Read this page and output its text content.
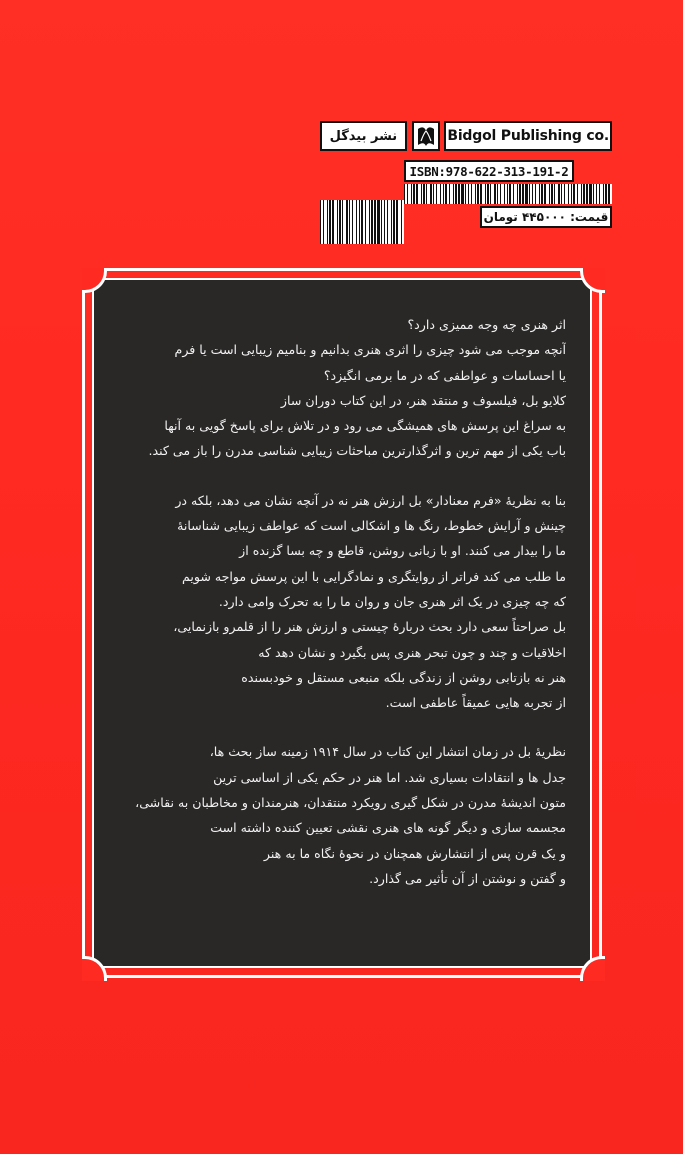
نشر بیدگل	Bidgol Publishing co.
ISBN:978-622-313-191-2
قیمت: ۴۴۵۰۰۰ تومان
اثر هنری چه وجه ممیزی دارد؟
آنچه موجب می شود چیزی را اثری هنری بدانیم و بنامیم زیبایی است یا فرم
یا احساسات و عواطفی که در ما برمی انگیزد؟
کلایو بل، فیلسوف و منتقد هنر، در این کتاب دوران ساز
به سراغ این پرسش های همیشگی می رود و در تلاش برای پاسخ گویی به آنها
باب یکی از مهم ترین و اثرگذارترین مباحثات زیبایی شناسی مدرن را باز می کند.
بنا به نظریهٔ «فرم معنادار» بل ارزش هنر نه در آنچه نشان می دهد، بلکه در
چینش و آرایش خطوط، رنگ ها و اشکالی است که عواطف زیبایی شناسانهٔ
ما را بیدار می کنند. او با زبانی روشن، قاطع و چه بسا گزنده از
ما طلب می کند فراتر از روایتگری و نمادگرایی با این پرسش مواجه شویم
که چه چیزی در یک اثر هنری جان و روان ما را به تحرک وامی دارد.
بل صراحتاً سعی دارد بحث دربارهٔ چیستی و ارزش هنر را از قلمرو بازنمایی،
اخلاقیات و چند و چون تبحر هنری پس بگیرد و نشان دهد که
هنر نه بازتابی روشن از زندگی بلکه منبعی مستقل و خودبسنده
از تجربه هایی عمیقاً عاطفی است.
نظریهٔ بل در زمان انتشار این کتاب در سال ۱۹۱۴ زمینه ساز بحث ها،
جدل ها و انتقادات بسیاری شد. اما هنر در حکم یکی از اساسی ترین
متون اندیشهٔ مدرن در شکل گیری رویکرد منتقدان، هنرمندان و مخاطبان به نقاشی،
مجسمه سازی و دیگر گونه های هنری نقشی تعیین کننده داشته است
و یک قرن پس از انتشارش همچنان در نحوهٔ نگاه ما به هنر
و گفتن و نوشتن از آن تأثیر می گذارد.
